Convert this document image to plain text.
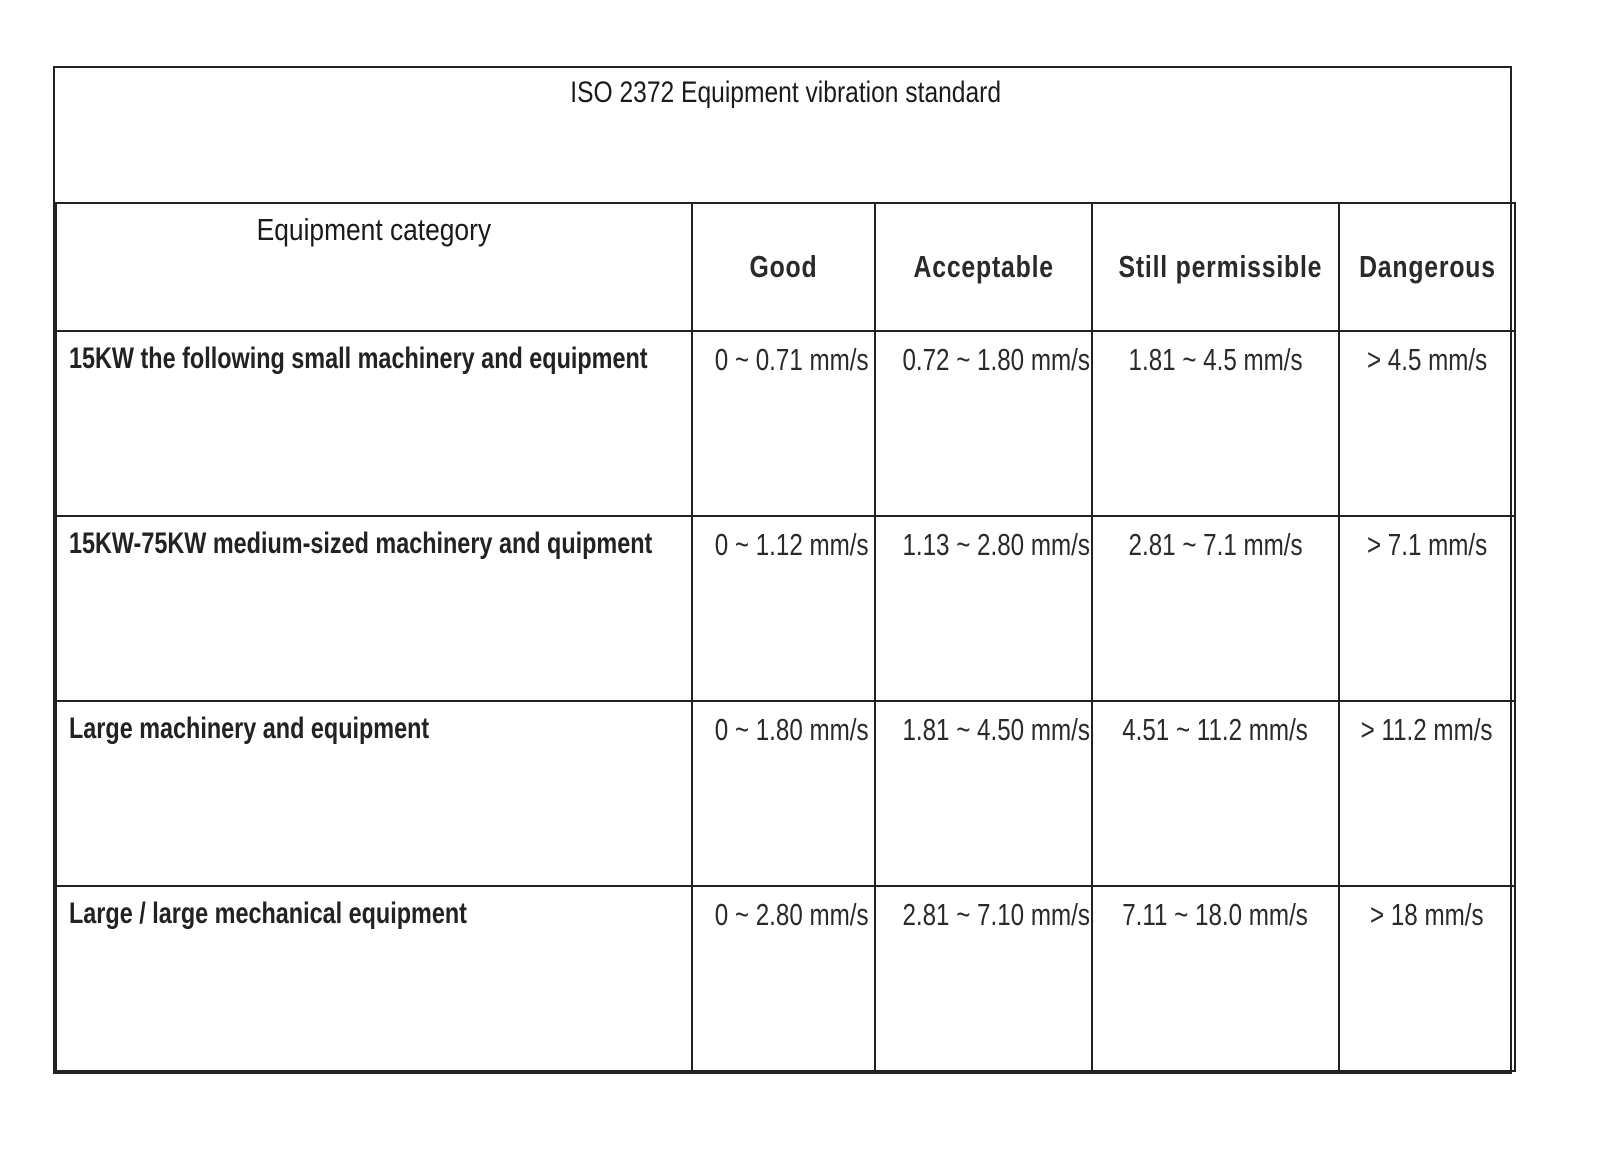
ISO 2372 Equipment vibration standard				
Equipment category	Good	Acceptable	Still permissible	Dangerous
15KW the following small machinery and equipment	0 ~ 0.71 mm/s	0.72 ~ 1.80 mm/s	1.81 ~ 4.5 mm/s	> 4.5 mm/s
15KW-75KW medium-sized machinery and quipment	0 ~ 1.12 mm/s	1.13 ~ 2.80 mm/s	2.81 ~ 7.1 mm/s	> 7.1 mm/s
Large machinery and equipment	0 ~ 1.80 mm/s	1.81 ~ 4.50 mm/s	4.51 ~ 11.2 mm/s	> 11.2 mm/s
Large / large mechanical equipment	0 ~ 2.80 mm/s	2.81 ~ 7.10 mm/s	7.11 ~ 18.0 mm/s	> 18 mm/s
